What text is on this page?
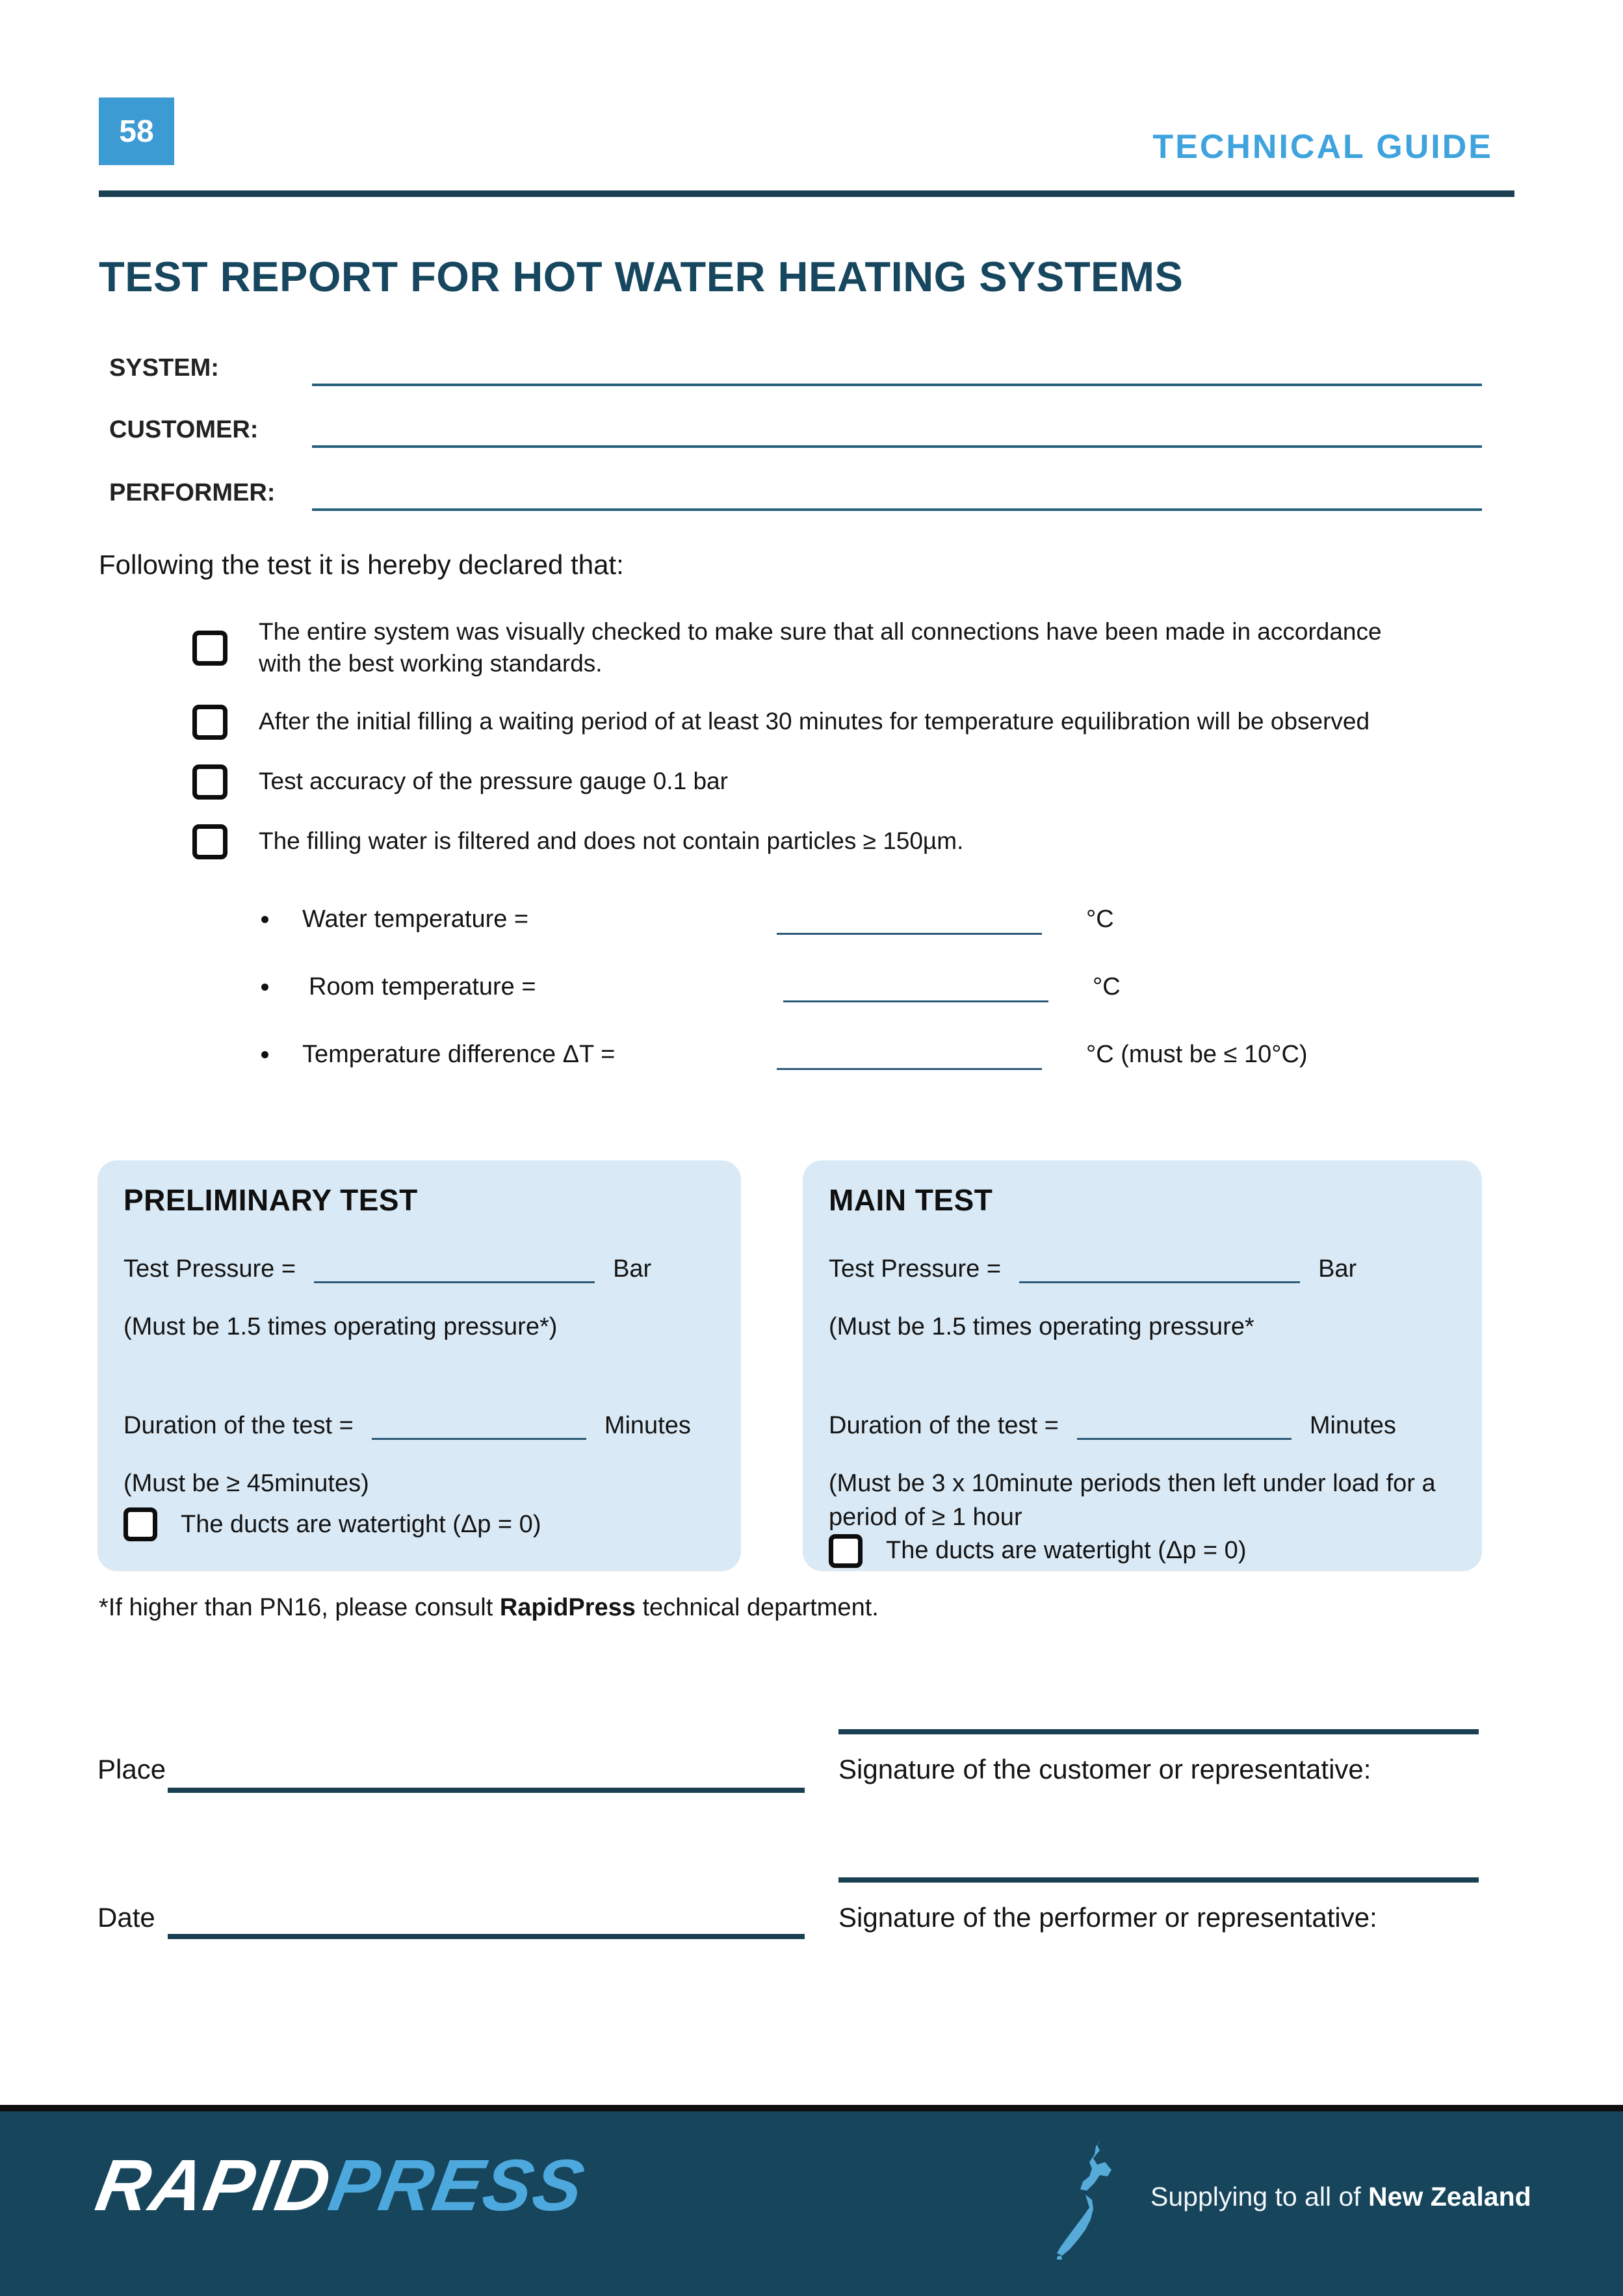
58	TECHNICAL GUIDE
TEST REPORT FOR HOT WATER HEATING SYSTEMS
SYSTEM:
CUSTOMER:
PERFORMER:
Following the test it is hereby declared that:
The entire system was visually checked to make sure that all connections have been made in accordance with the best working standards.
After the initial filling a waiting period of at least 30 minutes for temperature equilibration will be observed
Test accuracy of the pressure gauge 0.1 bar
The filling water is filtered and does not contain particles ≥ 150µm.
Water temperature =	°C
Room temperature =	°C
Temperature difference ΔT =	°C (must be ≤ 10°C)
PRELIMINARY TEST
Test Pressure =	Bar
(Must be 1.5 times operating pressure*)
Duration of the test =	Minutes
(Must be ≥ 45minutes)
The ducts are watertight (Δp = 0)
MAIN TEST
Test Pressure =	Bar
(Must be 1.5 times operating pressure*
Duration of the test =	Minutes
(Must be 3 x 10minute periods then left under load for a period of ≥ 1 hour
The ducts are watertight (Δp = 0)
*If higher than PN16, please consult RapidPress technical department.
Signature of the customer or representative:
Place
Signature of the performer or representative:
Date
RAPIDPRESS	Supplying to all of New Zealand
